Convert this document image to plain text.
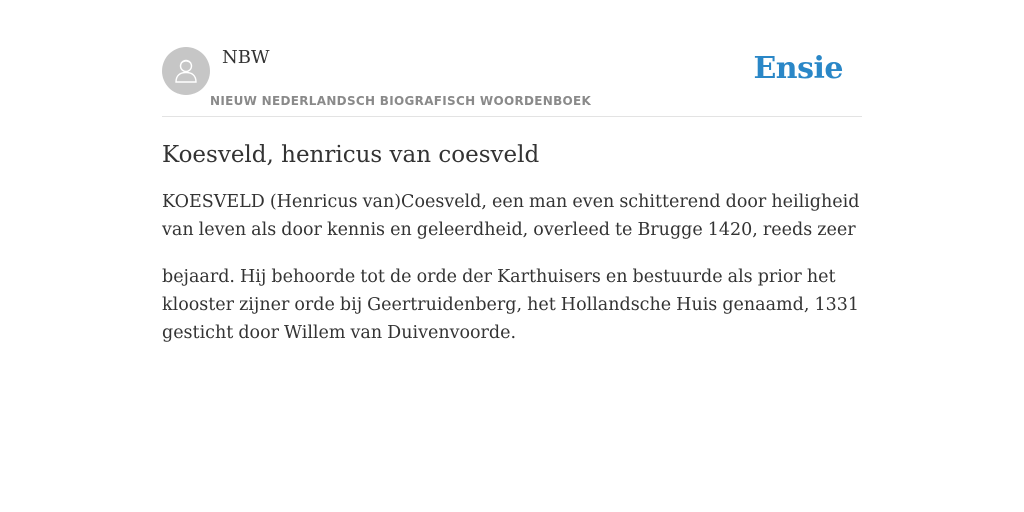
NBW
NIEUW NEDERLANDSCH BIOGRAFISCH WOORDENBOEK
Ensie
Koesveld, henricus van coesveld

KOESVELD (Henricus van)Coesveld, een man even schitterend door heiligheid van leven als door kennis en geleerdheid, overleed te Brugge 1420, reeds zeer

bejaard. Hij behoorde tot de orde der Karthuisers en bestuurde als prior het klooster zijner orde bij Geertruidenberg, het Hollandsche Huis genaamd, 1331 gesticht door Willem van Duivenvoorde.
